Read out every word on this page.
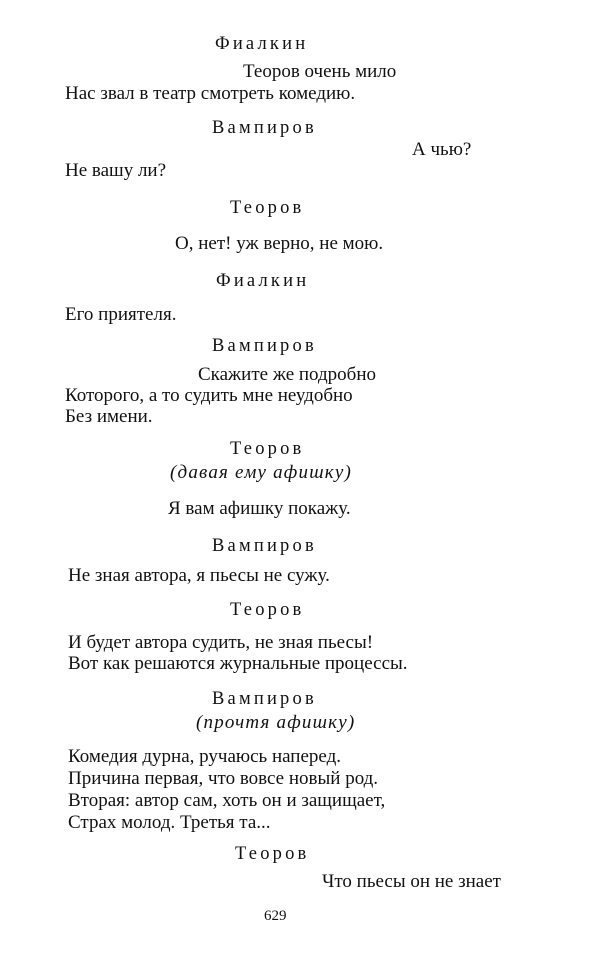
Фиалкин
Теоров очень мило
Нас звал в театр смотреть комедию.
Вампиров
А чью?
Не вашу ли?
Теоров
О, нет! уж верно, не мою.
Фиалкин
Его приятеля.
Вампиров
Скажите же подробно
Которого, а то судить мне неудобно
Без имени.
Теоров
(давая ему афишку)
Я вам афишку покажу.
Вампиров
Не зная автора, я пьесы не сужу.
Теоров
И будет автора судить, не зная пьесы!
Вот как решаются журнальные процессы.
Вампиров
(прочтя афишку)
Комедия дурна, ручаюсь наперед.
Причина первая, что вовсе новый род.
Вторая: автор сам, хоть он и защищает,
Страх молод. Третья та...
Теоров
Что пьесы он не знает
629
